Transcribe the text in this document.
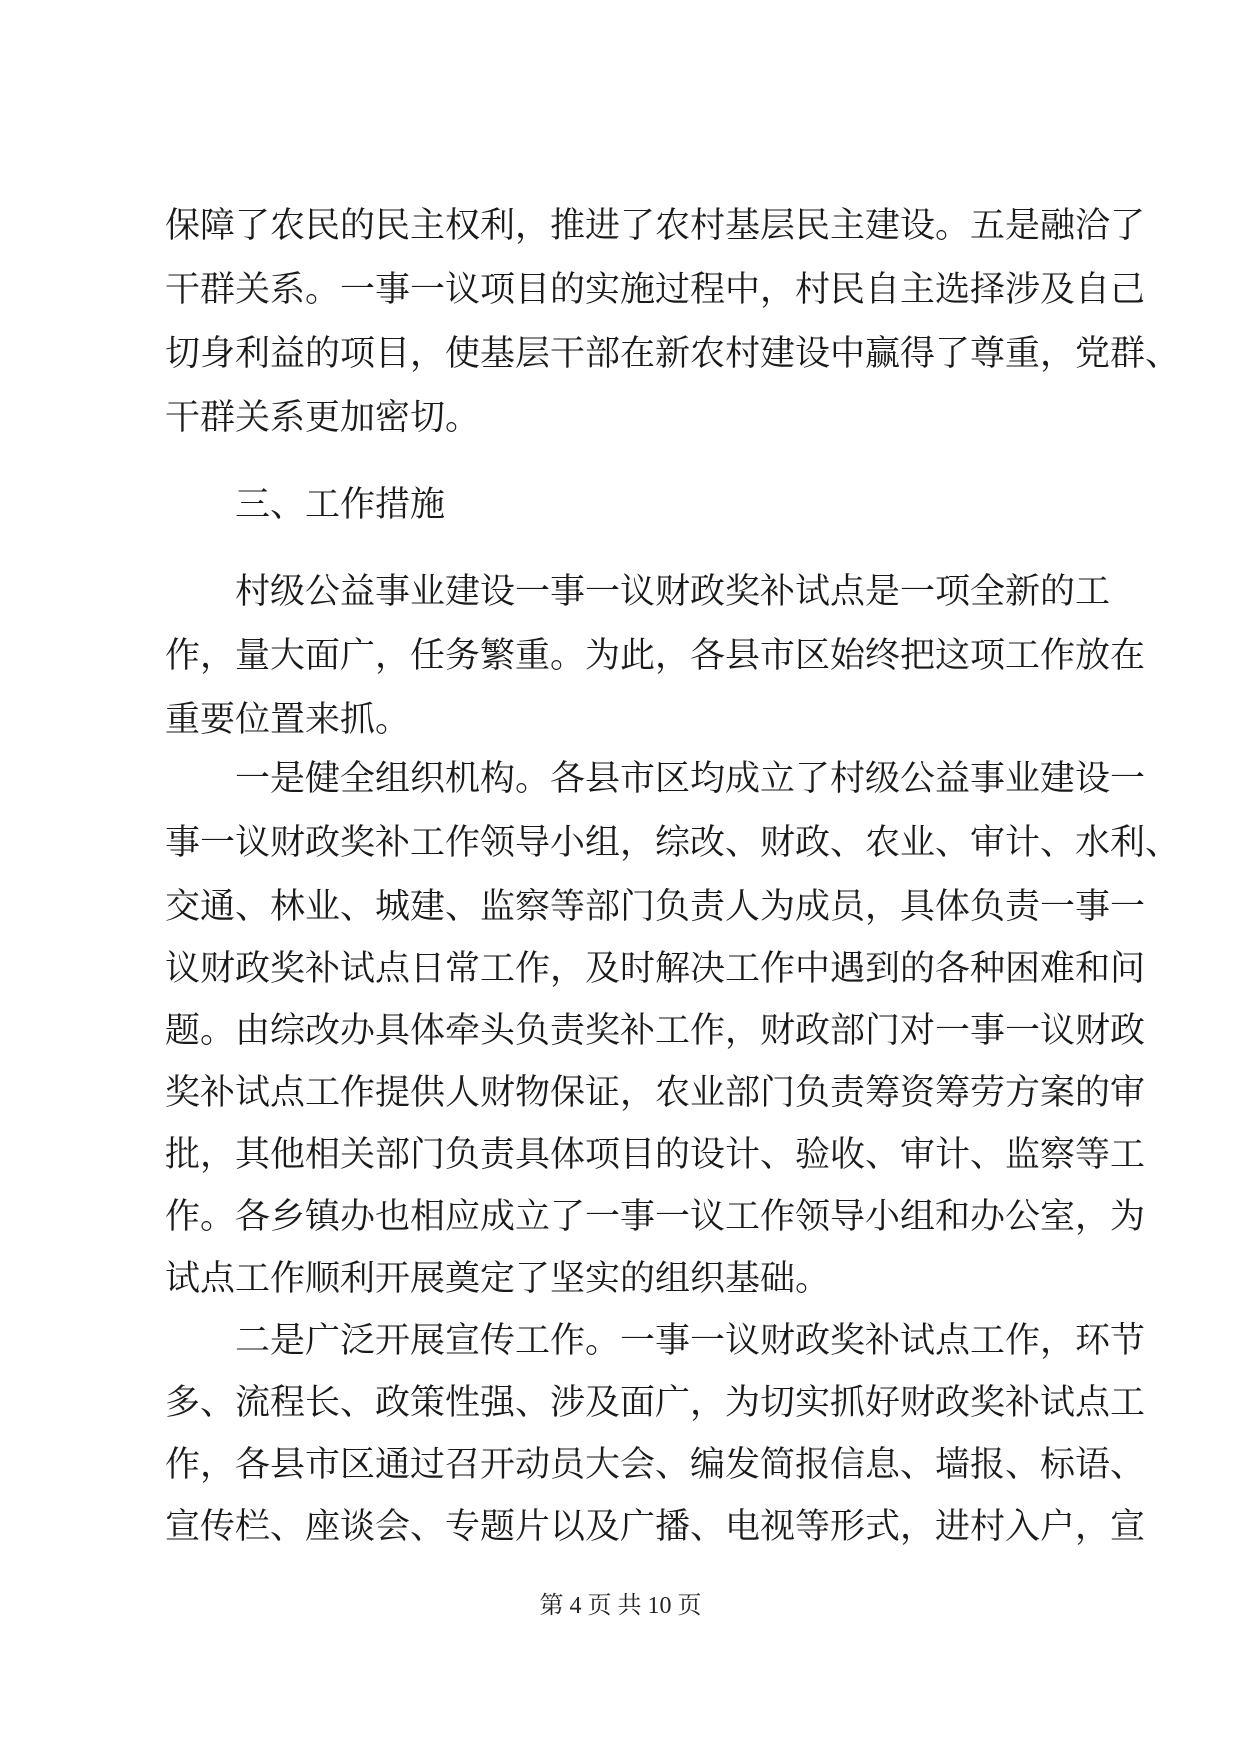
保障了农民的民主权利，推进了农村基层民主建设。五是融洽了
干群关系。一事一议项目的实施过程中，村民自主选择涉及自己
切身利益的项目，使基层干部在新农村建设中赢得了尊重，党群、
干群关系更加密切。
三、工作措施
村级公益事业建设一事一议财政奖补试点是一项全新的工
作，量大面广，任务繁重。为此，各县市区始终把这项工作放在
重要位置来抓。
一是健全组织机构。各县市区均成立了村级公益事业建设一
事一议财政奖补工作领导小组，综改、财政、农业、审计、水利、
交通、林业、城建、监察等部门负责人为成员，具体负责一事一
议财政奖补试点日常工作，及时解决工作中遇到的各种困难和问
题。由综改办具体牵头负责奖补工作，财政部门对一事一议财政
奖补试点工作提供人财物保证，农业部门负责筹资筹劳方案的审
批，其他相关部门负责具体项目的设计、验收、审计、监察等工
作。各乡镇办也相应成立了一事一议工作领导小组和办公室，为
试点工作顺利开展奠定了坚实的组织基础。
二是广泛开展宣传工作。一事一议财政奖补试点工作，环节
多、流程长、政策性强、涉及面广，为切实抓好财政奖补试点工
作，各县市区通过召开动员大会、编发简报信息、墙报、标语、
宣传栏、座谈会、专题片以及广播、电视等形式，进村入户，宣
第 4 页 共 10 页
